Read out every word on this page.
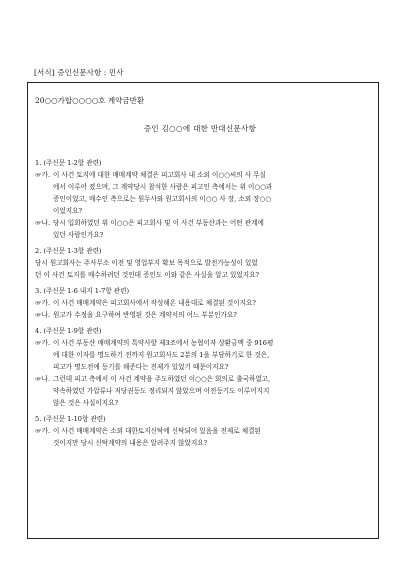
[서식] 증인신문사항 : 민사
20○○가합○○○○호 계약금반환
증인 김○○에 대한 반대신문사항
1. (주신문 1-2항 관련)
☞가. 이 사건 토지에 대한 매매계약 체결은 피고회사 내 소외 이○○씨의 사 무실
에서 이루어 졌으며, 그 계약당시 참석한 사람은 피고인 측에서는 위 이○○과
증인이었고, 매수인 측으로는 원두사와 원고회사의 이○○ 사 장, 소외 장○○
이었지요?
☞나. 당시 입회하였던 위 이○○은 피고회사 및 이 사건 부동산과는 어떤 관계에
있던 사람인가요?
2. (주신문 1-3항 관련)
당시 원고회사는 주사무소 이전 및 영업부지 확보 목적으로 발전가능성이 있었
던 이 사건 토지를 매수하려던 것인데 증인도 이와 같은 사실을 알고 있었지요?
3. (주신문 1-6 내지 1-7항 관련)
☞가. 이 사건 매매계약은 피고회사에서 작성해온 내용대로 체결된 것이지요?
☞나. 원고가 수정을 요구하여 반영된 것은 계약서의 어느 부분인가요?
4. (주신문 1-9항 관련)
☞가. 이 사건 부동산 매매계약의 특약사항 제3조에서 농협이자 상환금액 중 916평
에 대한 이자를 명도하기 전까지 원고회사도 2분의 1을 부담하기로 한 것은,
피고가 명도전에 등기를 해준다는 전제가 있었기 때문이지요?
☞나. 그런데 피고 측에서 이 사건 계약을 주도하였던 이○○은 회의로 출국하였고,
약속하였던 가압류나 저당권등도 정리되지 않았으며 이전등기도 이루어지지
않은 것은 사실이지요?
5. (주신문 1-10항 관련)
☞가. 이 사건 매매계약은 소외 대한토지신탁에 신탁되어 있음을 전제로 체결된
것이지만 당시 신탁계약의 내용은 알려주지 않았지요?
